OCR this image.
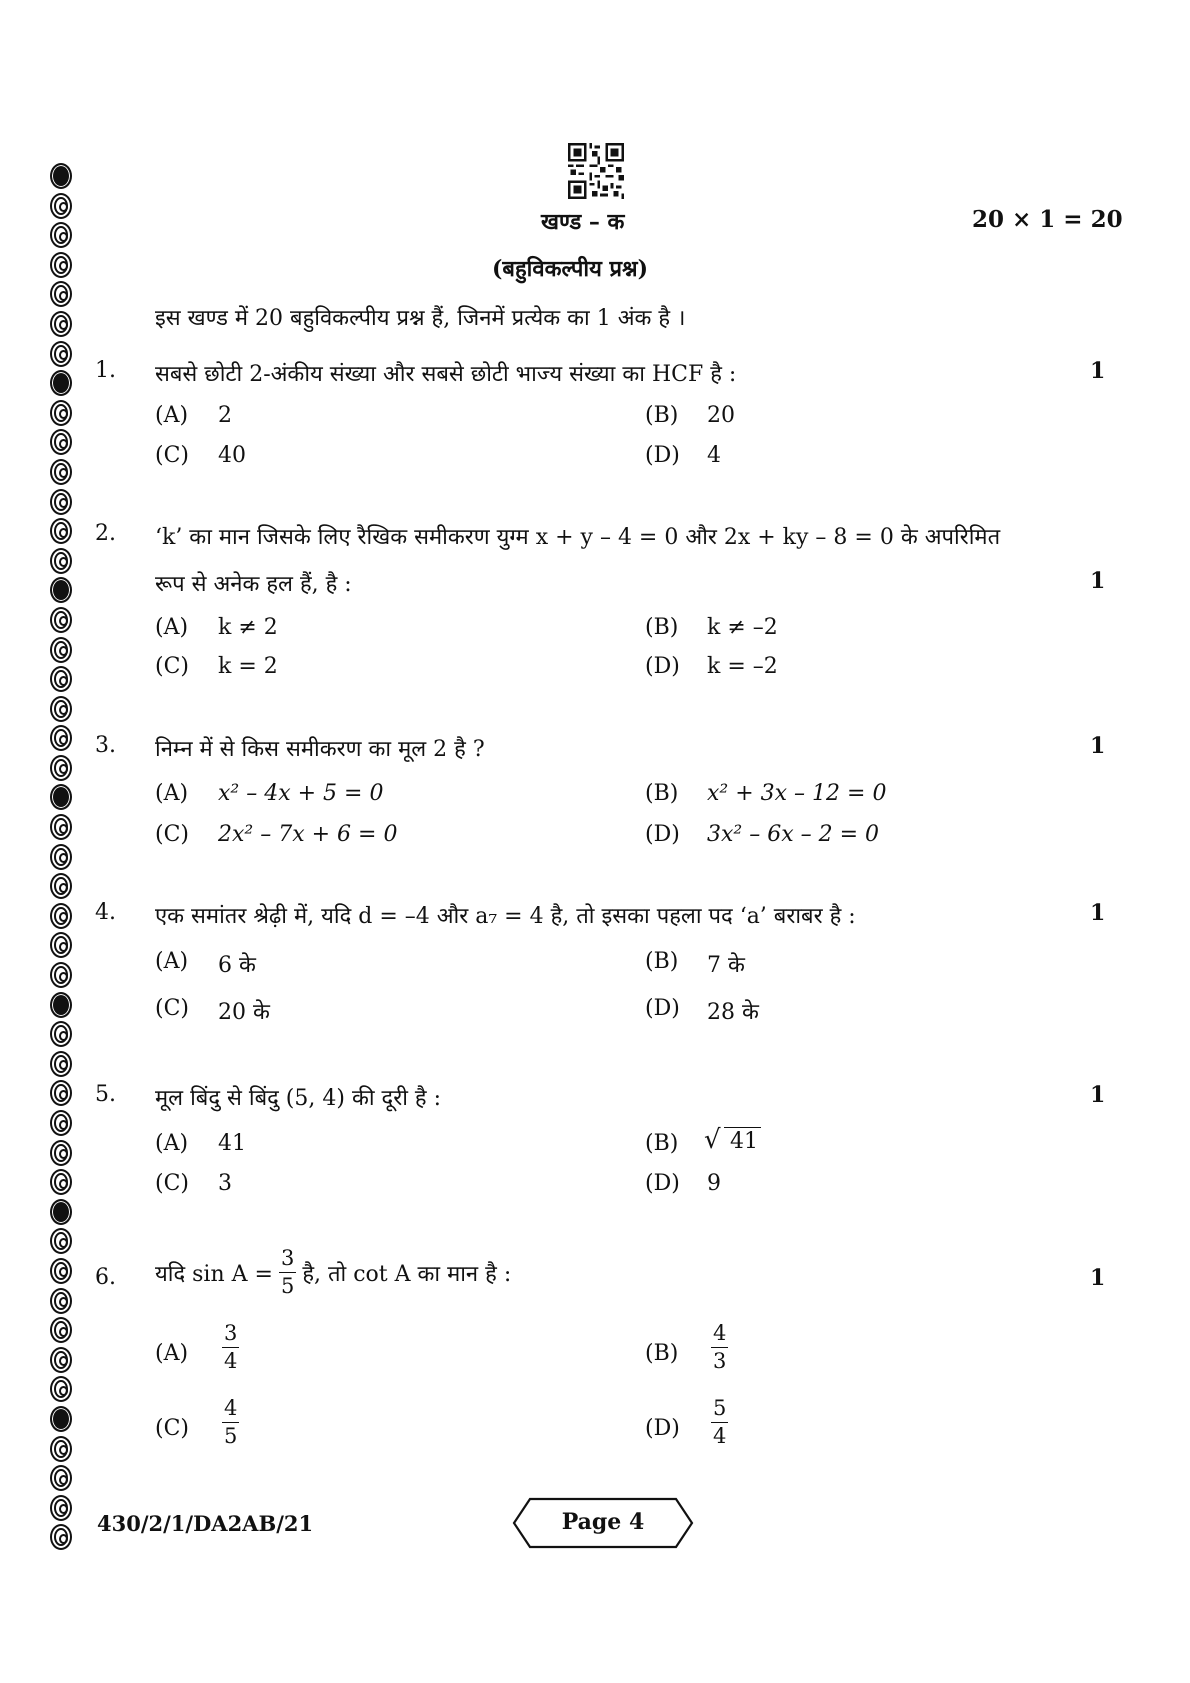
खण्ड – क	20 × 1 = 20
(बहुविकल्पीय प्रश्न)
इस खण्ड में 20 बहुविकल्पीय प्रश्न हैं, जिनमें प्रत्येक का 1 अंक है ।
1. सबसे छोटी 2-अंकीय संख्या और सबसे छोटी भाज्य संख्या का HCF है :	1
(A) 2	(B) 20
(C) 40	(D) 4
2. ‘k’ का मान जिसके लिए रैखिक समीकरण युग्म x + y – 4 = 0 और 2x + ky – 8 = 0 के अपरिमित
रूप से अनेक हल हैं, है :	1
(A) k ≠ 2	(B) k ≠ –2
(C) k = 2	(D) k = –2
3. निम्न में से किस समीकरण का मूल 2 है ?	1
(A) x² – 4x + 5 = 0	(B) x² + 3x – 12 = 0
(C) 2x² – 7x + 6 = 0	(D) 3x² – 6x – 2 = 0
4. एक समांतर श्रेढ़ी में, यदि d = –4 और a₇ = 4 है, तो इसका पहला पद ‘a’ बराबर है :	1
(A) 6 के	(B) 7 के
(C) 20 के	(D) 28 के
5. मूल बिंदु से बिंदु (5, 4) की दूरी है :	1
(A) 41	(B) √ 41
(C) 3	(D) 9
6. यदि $\sin A = \frac{3}{5}$ है, तो cot A का मान है :	1
$(A) \frac{3}{4}$	$(B) \frac{4}{3}$
$(C) \frac{4}{5}$	$(D) \frac{5}{4}$
430/2/1/DA2AB/21	Page 4
